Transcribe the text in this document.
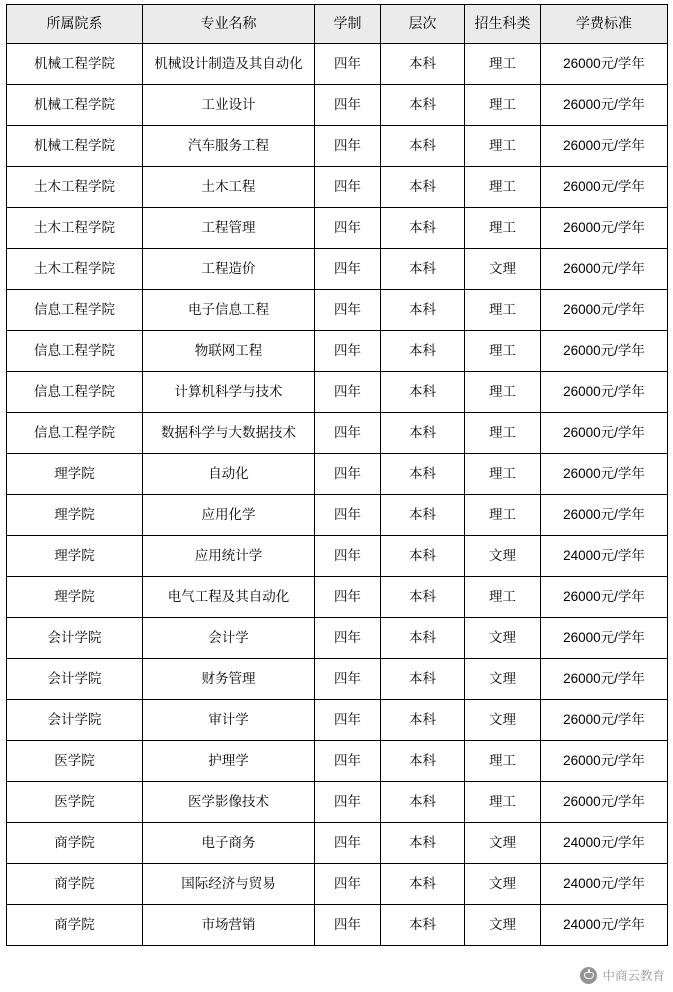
所属院系	专业名称	学制	层次	招生科类	学费标准
机械工程学院	机械设计制造及其自动化	四年	本科	理工	26000元/学年
机械工程学院	工业设计	四年	本科	理工	26000元/学年
机械工程学院	汽车服务工程	四年	本科	理工	26000元/学年
土木工程学院	土木工程	四年	本科	理工	26000元/学年
土木工程学院	工程管理	四年	本科	理工	26000元/学年
土木工程学院	工程造价	四年	本科	文理	26000元/学年
信息工程学院	电子信息工程	四年	本科	理工	26000元/学年
信息工程学院	物联网工程	四年	本科	理工	26000元/学年
信息工程学院	计算机科学与技术	四年	本科	理工	26000元/学年
信息工程学院	数据科学与大数据技术	四年	本科	理工	26000元/学年
理学院	自动化	四年	本科	理工	26000元/学年
理学院	应用化学	四年	本科	理工	26000元/学年
理学院	应用统计学	四年	本科	文理	24000元/学年
理学院	电气工程及其自动化	四年	本科	理工	26000元/学年
会计学院	会计学	四年	本科	文理	26000元/学年
会计学院	财务管理	四年	本科	文理	26000元/学年
会计学院	审计学	四年	本科	文理	26000元/学年
医学院	护理学	四年	本科	理工	26000元/学年
医学院	医学影像技术	四年	本科	理工	26000元/学年
商学院	电子商务	四年	本科	文理	24000元/学年
商学院	国际经济与贸易	四年	本科	文理	24000元/学年
商学院	市场营销	四年	本科	文理	24000元/学年
中商云教育
